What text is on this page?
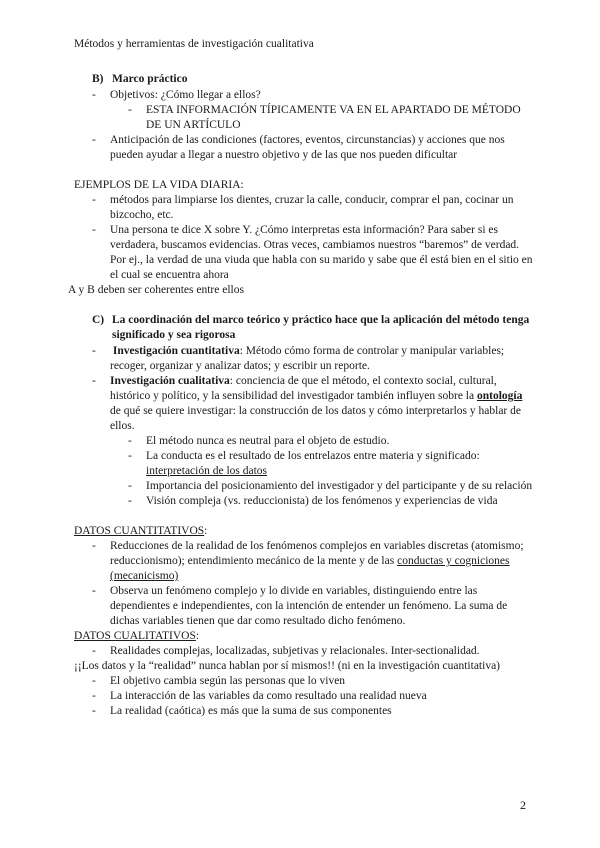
Métodos y herramientas de investigación cualitativa
B) Marco práctico
-	Objetivos: ¿Cómo llegar a ellos?
-	ESTA INFORMACIÓN TÍPICAMENTE VA EN EL APARTADO DE MÉTODO DE UN ARTÍCULO
-	Anticipación de las condiciones (factores, eventos, circunstancias) y acciones que nos pueden ayudar a llegar a nuestro objetivo y de las que nos pueden dificultar

EJEMPLOS DE LA VIDA DIARIA:

-	métodos para limpiarse los dientes, cruzar la calle, conducir, comprar el pan, cocinar un bizcocho, etc.
-	Una persona te dice X sobre Y. ¿Cómo interpretas esta información? Para saber si es verdadera, buscamos evidencias. Otras veces, cambiamos nuestros “baremos” de verdad. Por ej., la verdad de una viuda que habla con su marido y sabe que él está bien en el sitio en el cual se encuentra ahora

A y B deben ser coherentes entre ellos

C) La coordinación del marco teórico y práctico hace que la aplicación del método tenga significado y sea rigorosa
-	Investigación cuantitativa: Método cómo forma de controlar y manipular variables; recoger, organizar y analizar datos; y escribir un reporte.
-	Investigación cualitativa: conciencia de que el método, el contexto social, cultural, histórico y político, y la sensibilidad del investigador también influyen sobre la ontología de qué se quiere investigar: la construcción de los datos y cómo interpretarlos y hablar de ellos.
-	El método nunca es neutral para el objeto de estudio.
-	La conducta es el resultado de los entrelazos entre materia y significado: interpretación de los datos
-	Importancia del posicionamiento del investigador y del participante y de su relación
-	Visión compleja (vs. reduccionista) de los fenómenos y experiencias de vida

DATOS CUANTITATIVOS:

-	Reducciones de la realidad de los fenómenos complejos en variables discretas (atomismo; reduccionismo); entendimiento mecánico de la mente y de las conductas y cogniciones (mecanicismo)
-	Observa un fenómeno complejo y lo divide en variables, distinguiendo entre las dependientes e independientes, con la intención de entender un fenómeno. La suma de dichas variables tienen que dar como resultado dicho fenómeno.

DATOS CUALITATIVOS:

-	Realidades complejas, localizadas, subjetivas y relacionales. Inter-sectionalidad.

¡¡Los datos y la “realidad” nunca hablan por sí mismos!! (ni en la investigación cuantitativa)

-	El objetivo cambia según las personas que lo viven
-	La interacción de las variables da como resultado una realidad nueva
-	La realidad (caótica) es más que la suma de sus componentes
2
